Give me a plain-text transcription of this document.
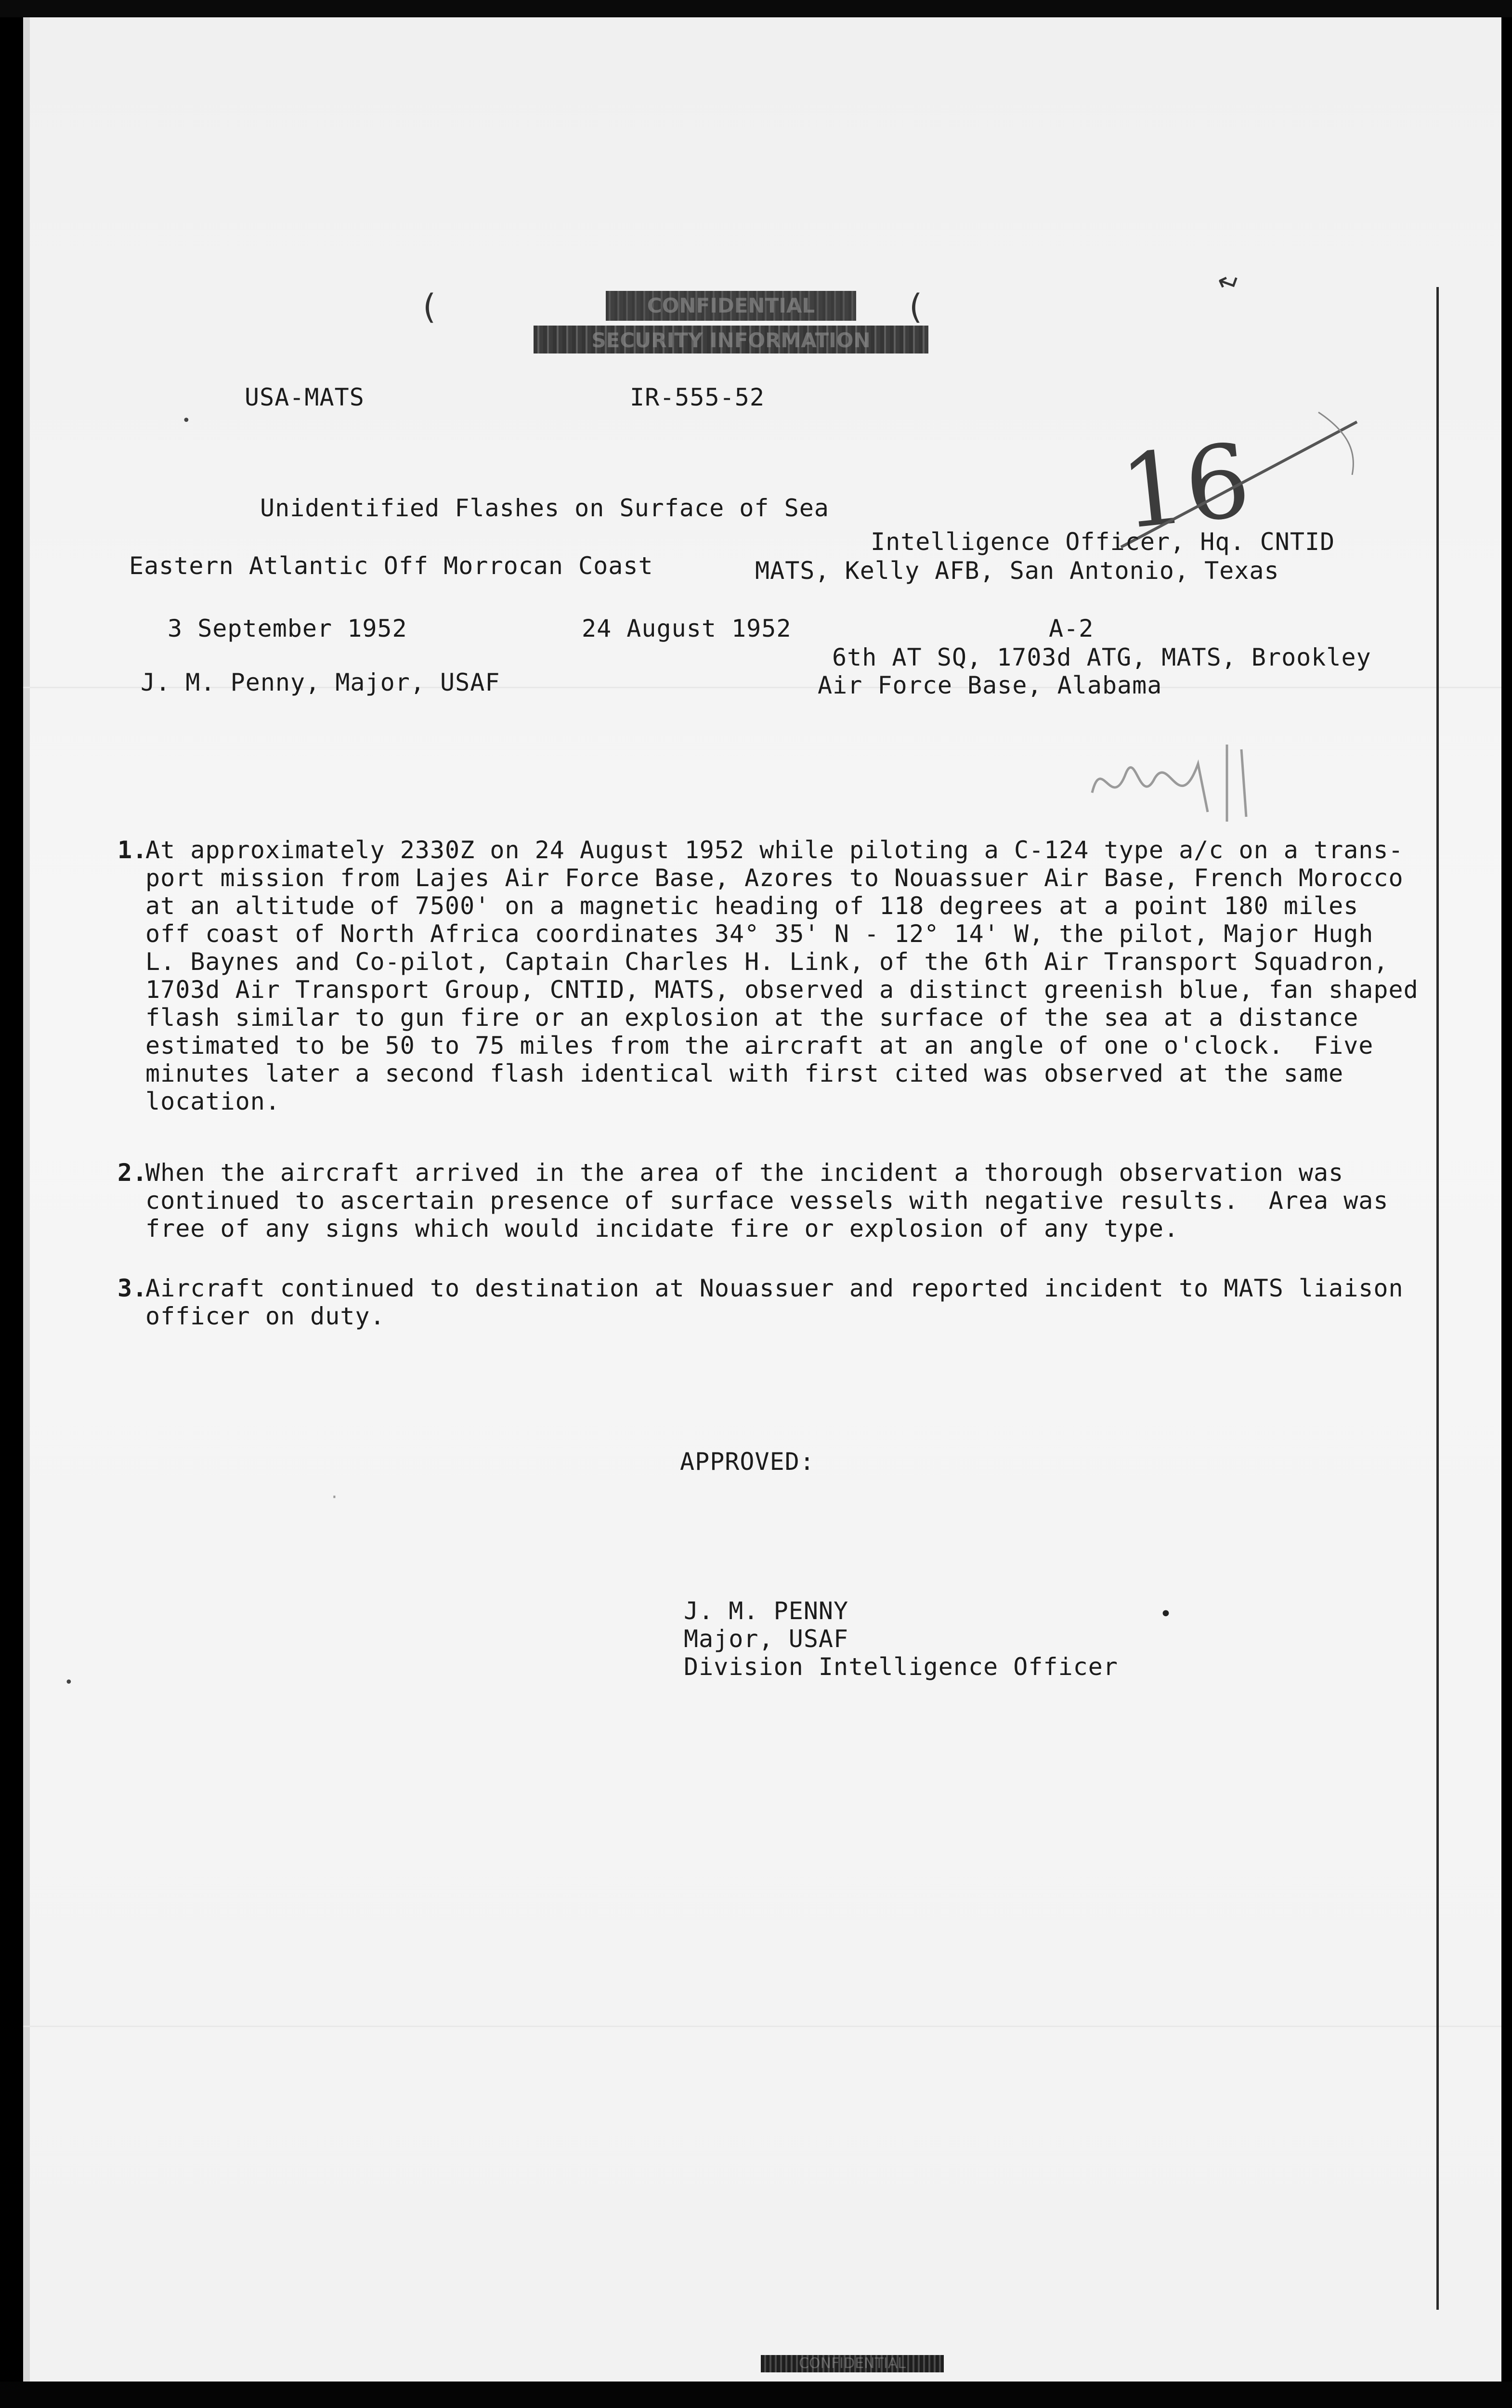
CONFIDENTIAL
SECURITY INFORMATION
(	(
↵
16
USA-MATS	IR-555-52
Unidentified Flashes on Surface of Sea
Intelligence Officer, Hq. CNTID
Eastern Atlantic Off Morrocan Coast	MATS, Kelly AFB, San Antonio, Texas
3 September 1952	24 August 1952	A-2
6th AT SQ, 1703d ATG, MATS, Brookley
J. M. Penny, Major, USAF	Air Force Base, Alabama
1.
At approximately 2330Z on 24 August 1952 while piloting a C-124 type a/c on a trans-
port mission from Lajes Air Force Base, Azores to Nouassuer Air Base, French Morocco
at an altitude of 7500' on a magnetic heading of 118 degrees at a point 180 miles
off coast of North Africa coordinates 34° 35' N - 12° 14' W, the pilot, Major Hugh
L. Baynes and Co-pilot, Captain Charles H. Link, of the 6th Air Transport Squadron,
1703d Air Transport Group, CNTID, MATS, observed a distinct greenish blue, fan shaped
flash similar to gun fire or an explosion at the surface of the sea at a distance
estimated to be 50 to 75 miles from the aircraft at an angle of one o'clock.  Five
minutes later a second flash identical with first cited was observed at the same
location.
2.
When the aircraft arrived in the area of the incident a thorough observation was
continued to ascertain presence of surface vessels with negative results.  Area was
free of any signs which would incidate fire or explosion of any type.
3.
Aircraft continued to destination at Nouassuer and reported incident to MATS liaison
officer on duty.
APPROVED:
⋅
J. M. PENNY
Major, USAF
Division Intelligence Officer
•
•
•
CONFIDENTIAL
